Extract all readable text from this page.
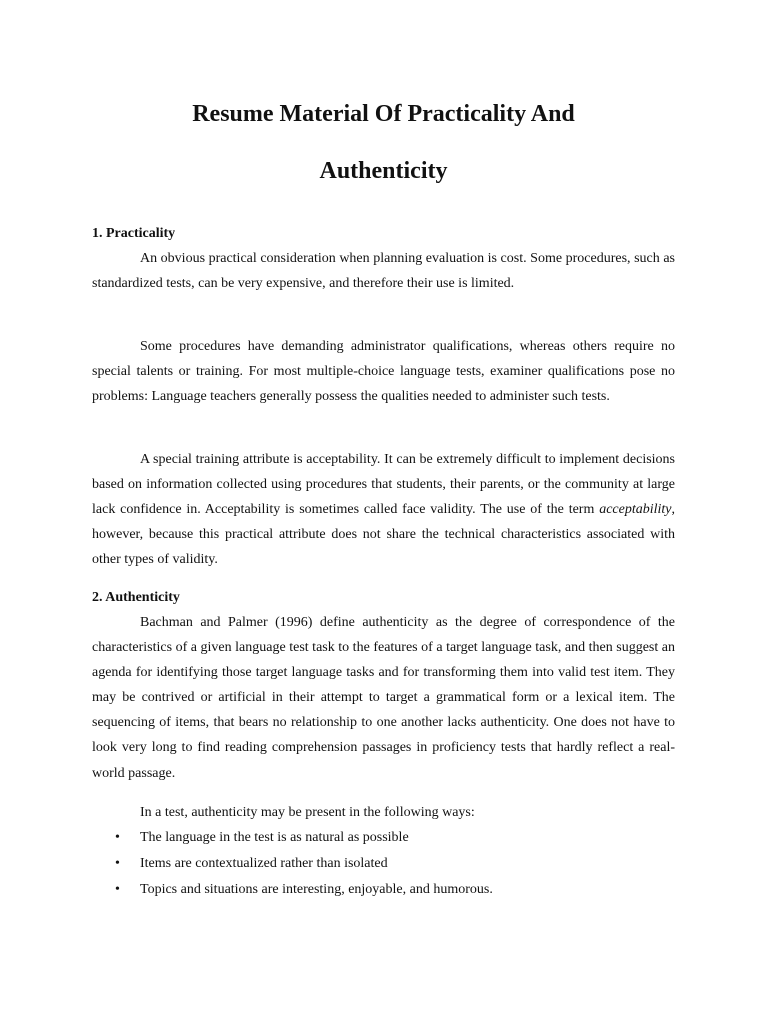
Resume Material Of Practicality And
Authenticity
1. Practicality

An obvious practical consideration when planning evaluation is cost. Some procedures, such as standardized tests, can be very expensive, and therefore their use is limited.

Some procedures have demanding administrator qualifications, whereas others require no special talents or training. For most multiple-choice language tests, examiner qualifications pose no problems: Language teachers generally possess the qualities needed to administer such tests.

A special training attribute is acceptability. It can be extremely difficult to implement decisions based on information collected using procedures that students, their parents, or the community at large lack confidence in. Acceptability is sometimes called face validity. The use of the term acceptability, however, because this practical attribute does not share the technical characteristics associated with other types of validity.

2. Authenticity

Bachman and Palmer (1996) define authenticity as the degree of correspondence of the characteristics of a given language test task to the features of a target language task, and then suggest an agenda for identifying those target language tasks and for transforming them into valid test item. They may be contrived or artificial in their attempt to target a grammatical form or a lexical item. The sequencing of items, that bears no relationship to one another lacks authenticity. One does not have to look very long to find reading comprehension passages in proficiency tests that hardly reflect a real-world passage.

In a test, authenticity may be present in the following ways:

• The language in the test is as natural as possible
• Items are contextualized rather than isolated
• Topics and situations are interesting, enjoyable, and humorous.
